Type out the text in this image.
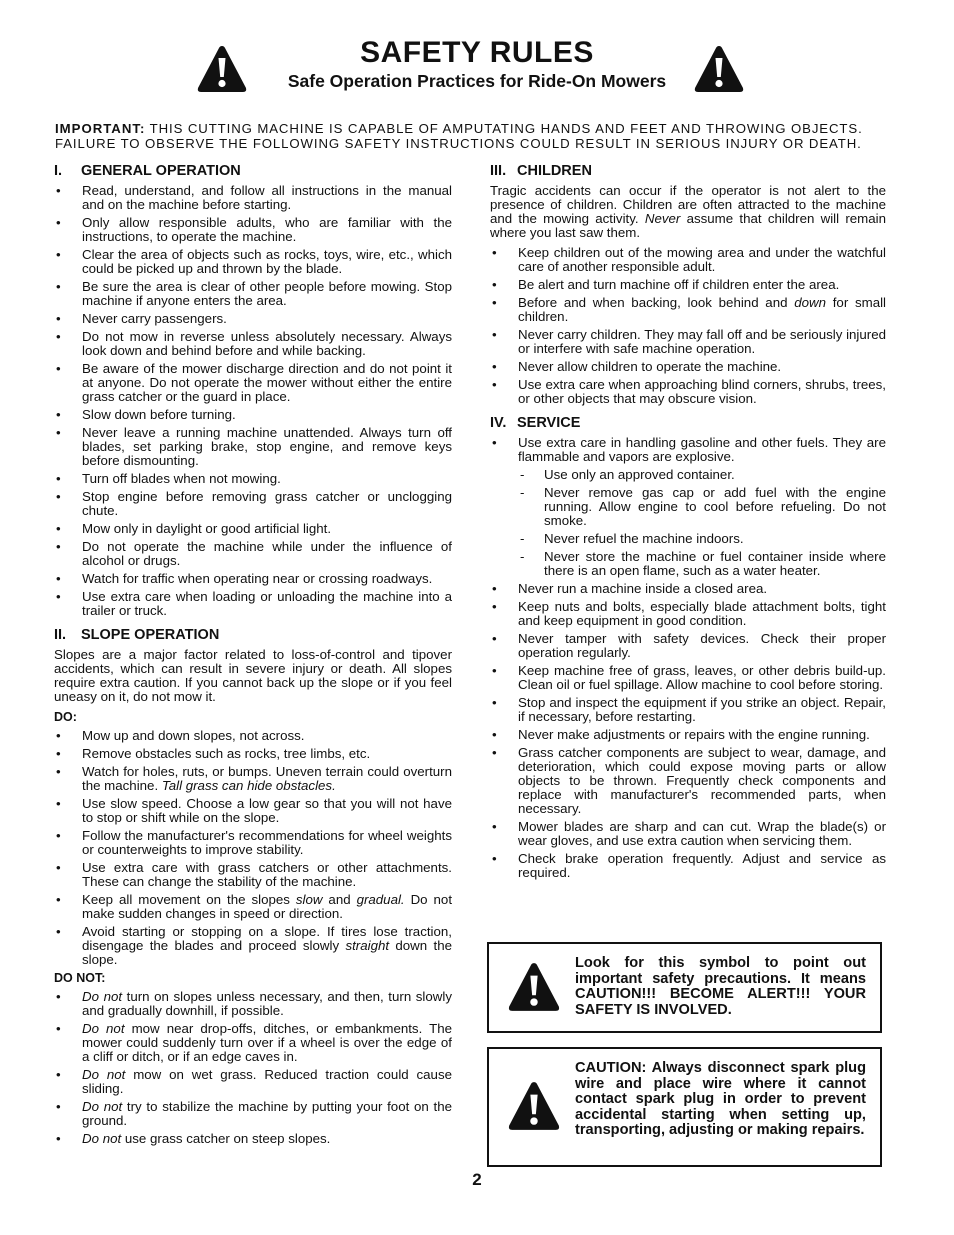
SAFETY RULES
Safe Operation Practices for Ride-On Mowers
IMPORTANT: THIS CUTTING MACHINE IS CAPABLE OF AMPUTATING HANDS AND FEET AND THROWING OBJECTS. FAILURE TO OBSERVE THE FOLLOWING SAFETY INSTRUCTIONS COULD RESULT IN SERIOUS INJURY OR DEATH.
I.	GENERAL OPERATION
• Read, understand, and follow all instructions in the manual and on the machine before starting.
• Only allow responsible adults, who are familiar with the instructions, to operate the machine.
• Clear the area of objects such as rocks, toys, wire, etc., which could be picked up and thrown by the blade.
• Be sure the area is clear of other people before mowing. Stop machine if anyone enters the area.
• Never carry passengers.
• Do not mow in reverse unless absolutely necessary. Always look down and behind before and while backing.
• Be aware of the mower discharge direction and do not point it at anyone. Do not operate the mower without either the entire grass catcher or the guard in place.
• Slow down before turning.
• Never leave a running machine unattended. Always turn off blades, set parking brake, stop engine, and remove keys before dismounting.
• Turn off blades when not mowing.
• Stop engine before removing grass catcher or unclogging chute.
• Mow only in daylight or good artificial light.
• Do not operate the machine while under the influence of alcohol or drugs.
• Watch for traffic when operating near or crossing roadways.
• Use extra care when loading or unloading the machine into a trailer or truck.
II.	SLOPE OPERATION
Slopes are a major factor related to loss-of-control and tipover accidents, which can result in severe injury or death. All slopes require extra caution. If you cannot back up the slope or if you feel uneasy on it, do not mow it.
DO:
• Mow up and down slopes, not across.
• Remove obstacles such as rocks, tree limbs, etc.
• Watch for holes, ruts, or bumps. Uneven terrain could overturn the machine. Tall grass can hide obstacles.
• Use slow speed. Choose a low gear so that you will not have to stop or shift while on the slope.
• Follow the manufacturer's recommendations for wheel weights or counterweights to improve stability.
• Use extra care with grass catchers or other attachments. These can change the stability of the machine.
• Keep all movement on the slopes slow and gradual. Do not make sudden changes in speed or direction.
• Avoid starting or stopping on a slope. If tires lose traction, disengage the blades and proceed slowly straight down the slope.
DO NOT:
• Do not turn on slopes unless necessary, and then, turn slowly and gradually downhill, if possible.
• Do not mow near drop-offs, ditches, or embankments. The mower could suddenly turn over if a wheel is over the edge of a cliff or ditch, or if an edge caves in.
• Do not mow on wet grass. Reduced traction could cause sliding.
• Do not try to stabilize the machine by putting your foot on the ground.
• Do not use grass catcher on steep slopes.
III. CHILDREN
Tragic accidents can occur if the operator is not alert to the presence of children. Children are often attracted to the machine and the mowing activity. Never assume that children will remain where you last saw them.
• Keep children out of the mowing area and under the watchful care of another responsible adult.
• Be alert and turn machine off if children enter the area.
• Before and when backing, look behind and down for small children.
• Never carry children. They may fall off and be seriously injured or interfere with safe machine operation.
• Never allow children to operate the machine.
• Use extra care when approaching blind corners, shrubs, trees, or other objects that may obscure vision.
IV. SERVICE
• Use extra care in handling gasoline and other fuels. They are flammable and vapors are explosive.
- Use only an approved container.
- Never remove gas cap or add fuel with the engine running. Allow engine to cool before refueling. Do not smoke.
- Never refuel the machine indoors.
- Never store the machine or fuel container inside where there is an open flame, such as a water heater.
• Never run a machine inside a closed area.
• Keep nuts and bolts, especially blade attachment bolts, tight and keep equipment in good condition.
• Never tamper with safety devices. Check their proper operation regularly.
• Keep machine free of grass, leaves, or other debris build-up. Clean oil or fuel spillage. Allow machine to cool before storing.
• Stop and inspect the equipment if you strike an object. Repair, if necessary, before restarting.
• Never make adjustments or repairs with the engine running.
• Grass catcher components are subject to wear, damage, and deterioration, which could expose moving parts or allow objects to be thrown. Frequently check components and replace with manufacturer's recommended parts, when necessary.
• Mower blades are sharp and can cut. Wrap the blade(s) or wear gloves, and use extra caution when servicing them.
• Check brake operation frequently. Adjust and service as required.
Look for this symbol to point out important safety precautions. It means CAUTION!!! BECOME ALERT!!! YOUR SAFETY IS INVOLVED.
CAUTION: Always disconnect spark plug wire and place wire where it cannot contact spark plug in order to prevent accidental starting when setting up, transporting, adjusting or making repairs.
2
